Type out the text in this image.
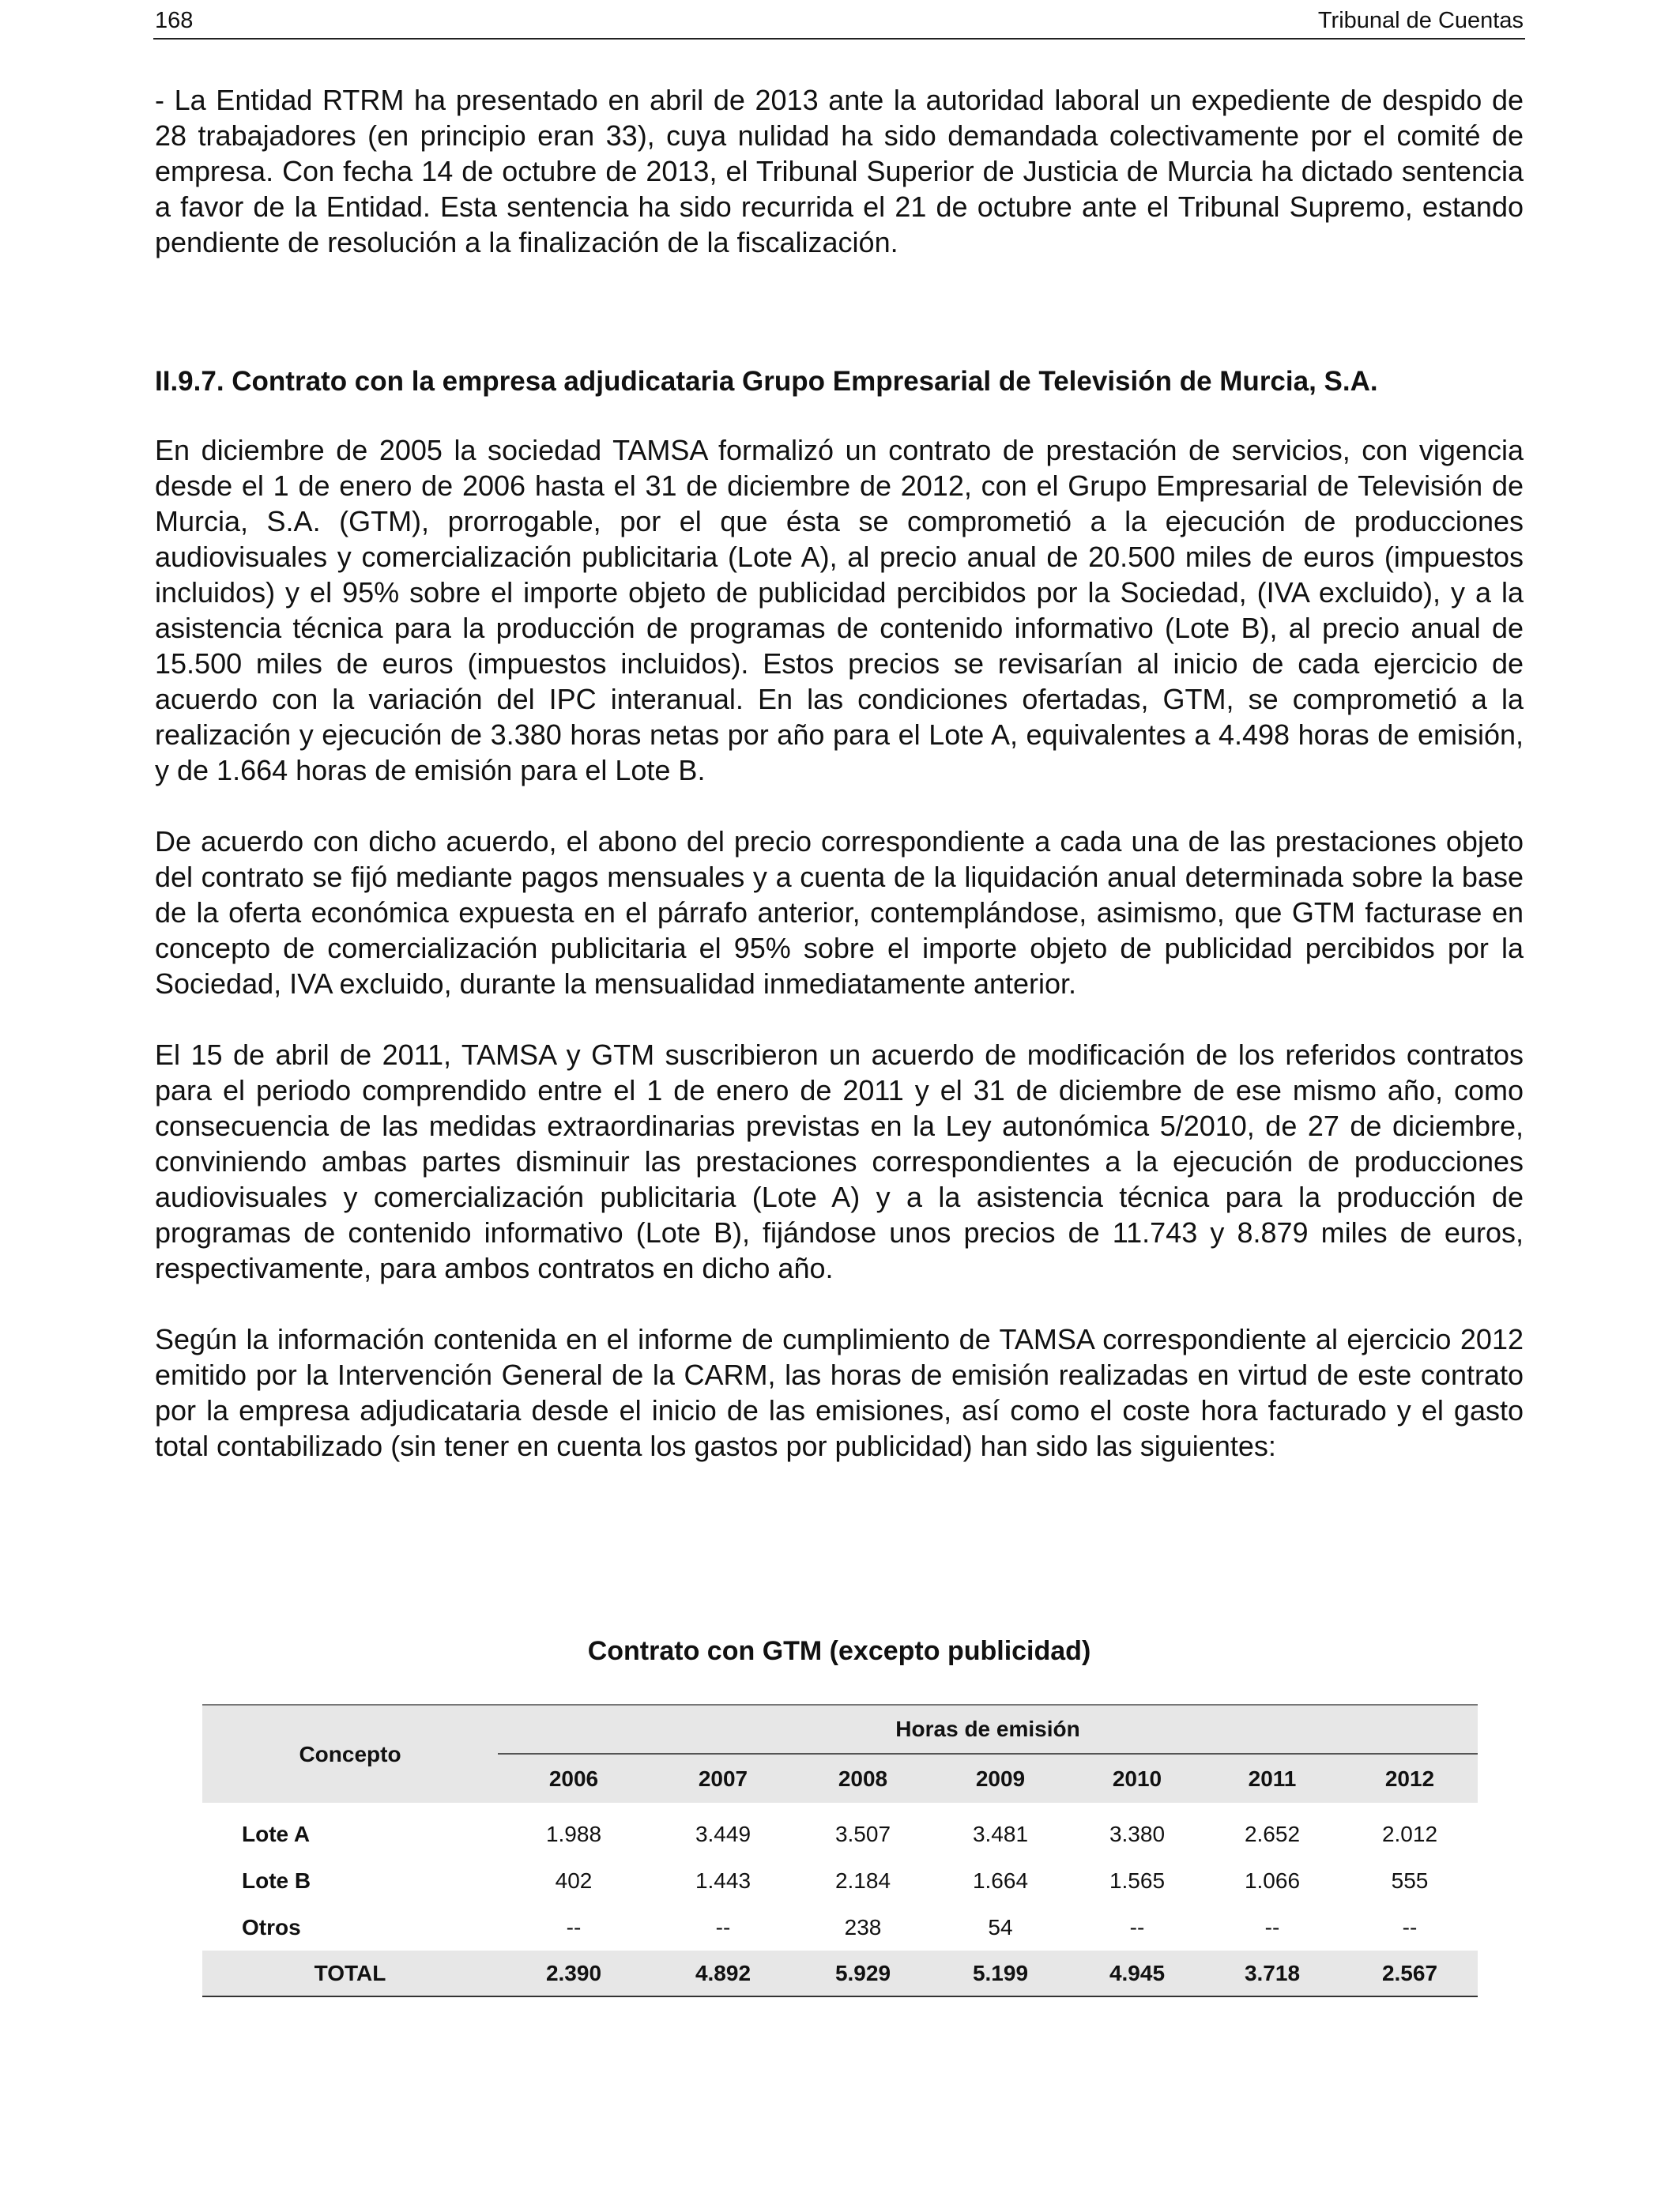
168	Tribunal de Cuentas

- La Entidad RTRM ha presentado en abril de 2013 ante la autoridad laboral un expediente de despido de 28 trabajadores (en principio eran 33), cuya nulidad ha sido demandada colectivamente por el comité de empresa. Con fecha 14 de octubre de 2013, el Tribunal Superior de Justicia de Murcia ha dictado sentencia a favor de la Entidad. Esta sentencia ha sido recurrida el 21 de octubre ante el Tribunal Supremo, estando pendiente de resolución a la finalización de la fiscalización.

II.9.7. Contrato con la empresa adjudicataria Grupo Empresarial de Televisión de Murcia, S.A.

En diciembre de 2005 la sociedad TAMSA formalizó un contrato de prestación de servicios, con vigencia desde el 1 de enero de 2006 hasta el 31 de diciembre de 2012, con el Grupo Empresarial de Televisión de Murcia, S.A. (GTM), prorrogable, por el que ésta se comprometió a la ejecución de producciones audiovisuales y comercialización publicitaria (Lote A), al precio anual de 20.500 miles de euros (impuestos incluidos) y el 95% sobre el importe objeto de publicidad percibidos por la Sociedad, (IVA excluido), y a la asistencia técnica para la producción de programas de contenido informativo (Lote B), al precio anual de 15.500 miles de euros (impuestos incluidos). Estos precios se revisarían al inicio de cada ejercicio de acuerdo con la variación del IPC interanual. En las condiciones ofertadas, GTM, se comprometió a la realización y ejecución de 3.380 horas netas por año para el Lote A, equivalentes a 4.498 horas de emisión, y de 1.664 horas de emisión para el Lote B.

De acuerdo con dicho acuerdo, el abono del precio correspondiente a cada una de las prestaciones objeto del contrato se fijó mediante pagos mensuales y a cuenta de la liquidación anual determinada sobre la base de la oferta económica expuesta en el párrafo anterior, contemplándose, asimismo, que GTM facturase en concepto de comercialización publicitaria el 95% sobre el importe objeto de publicidad percibidos por la Sociedad, IVA excluido, durante la mensualidad inmediatamente anterior.

El 15 de abril de 2011, TAMSA y GTM suscribieron un acuerdo de modificación de los referidos contratos para el periodo comprendido entre el 1 de enero de 2011 y el 31 de diciembre de ese mismo año, como consecuencia de las medidas extraordinarias previstas en la Ley autonómica 5/2010, de 27 de diciembre, conviniendo ambas partes disminuir las prestaciones correspondientes a la ejecución de producciones audiovisuales y comercialización publicitaria (Lote A) y a la asistencia técnica para la producción de programas de contenido informativo (Lote B), fijándose unos precios de 11.743 y 8.879 miles de euros, respectivamente, para ambos contratos en dicho año.

Según la información contenida en el informe de cumplimiento de TAMSA correspondiente al ejercicio 2012 emitido por la Intervención General de la CARM, las horas de emisión realizadas en virtud de este contrato por la empresa adjudicataria desde el inicio de las emisiones, así como el coste hora facturado y el gasto total contabilizado (sin tener en cuenta los gastos por publicidad) han sido las siguientes:

Contrato con GTM (excepto publicidad)
Concepto	Horas de emisión						
	2006	2007	2008	2009	2010	2011	2012

Lote A	1.988	3.449	3.507	3.481	3.380	2.652	2.012
Lote B	402	1.443	2.184	1.664	1.565	1.066	555
Otros	--	--	238	54	--	--	--
TOTAL	2.390	4.892	5.929	5.199	4.945	3.718	2.567
